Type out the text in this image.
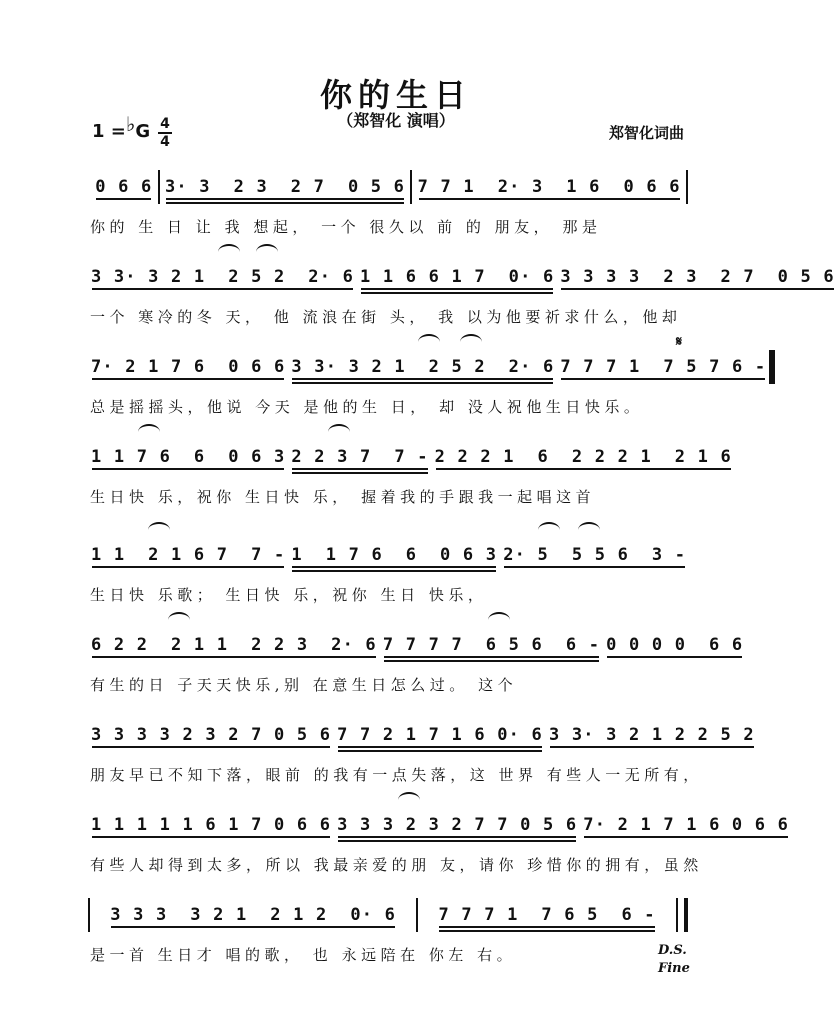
你的生日
（郑智化 演唱）
1 =♭G 4
4	郑智化词曲
𝄋
0 6 6 3· 3  2 3  2 7  0 5 6 7 7 1  2· 3  1 6  0 6 6
你的 生 日 让 我 想起， 一个 很久以 前 的 朋友， 那是
3 3· 3 2 1  2 5 2  2· 6 1 1 6 6 1 7  0· 6 3 3 3 3  2 3  2 7  0 5 6
一个 寒冷的冬 天， 他 流浪在街 头， 我 以为他要祈求什么，他却
7· 2 1 7 6  0 6 6 3 3· 3 2 1  2 5 2  2· 6 7 7 7 1  7 5 7 6 -
总是摇摇头，他说 今天 是他的生 日， 却 没人祝他生日快乐。
1 1 7 6  6  0 6 3 2 2 3 7  7 - 2 2 2 1  6  2 2 2 1  2 1 6
生日快 乐，祝你 生日快 乐， 握着我的手跟我一起唱这首
1 1  2 1 6 7  7 - 1  1 7 6  6  0 6 3 2· 5  5 5 6  3 -
生日快 乐歌； 生日快 乐，祝你 生日 快乐，
6 2 2  2 1 1  2 2 3  2· 6 7 7 7 7  6 5 6  6 - 0 0 0 0  6 6
有生的日 子天天快乐,别 在意生日怎么过。 这个
3 3 3 3 2 3 2 7 0 5 6 7 7 2 1 7 1 6 0· 6 3 3· 3 2 1 2 2 5 2
朋友早已不知下落，眼前 的我有一点失落，这 世界 有些人一无所有，
1 1 1 1 1 6 1 7 0 6 6 3 3 3 2 3 2 7 7 0 5 6 7· 2 1 7 1 6 0 6 6
有些人却得到太多，所以 我最亲爱的朋 友，请你 珍惜你的拥有，虽然
3 3 3  3 2 1  2 1 2  0· 6 7 7 7 1  7 6 5  6 -
是一首 生日才 唱的歌， 也 永远陪在 你左 右。	D.S.
Fine
